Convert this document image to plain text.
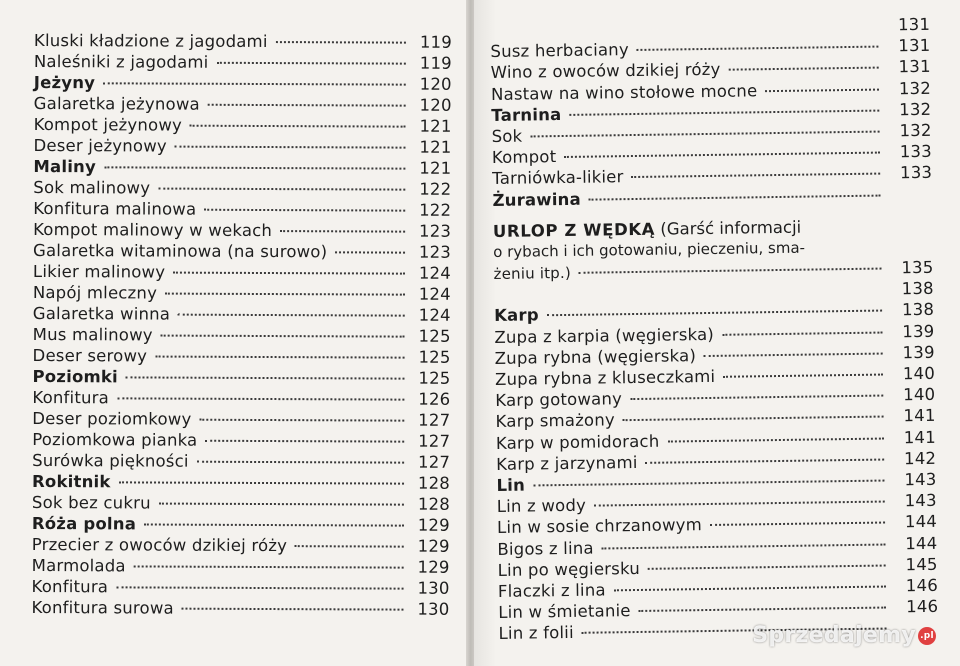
Kluski kładzione z jagodami	119
Naleśniki z jagodami	119
Jeżyny	120
Galaretka jeżynowa	120
Kompot jeżynowy	121
Deser jeżynowy	121
Maliny	121
Sok malinowy	122
Konfitura malinowa	122
Kompot malinowy w wekach	123
Galaretka witaminowa (na surowo)	123
Likier malinowy	124
Napój mleczny	124
Galaretka winna	124
Mus malinowy	125
Deser serowy	125
Poziomki	125
Konfitura	126
Deser poziomkowy	127
Poziomkowa pianka	127
Surówka piękności	127
Rokitnik	128
Sok bez cukru	128
Róża polna	129
Przecier z owoców dzikiej róży	129
Marmolada	129
Konfitura	130
Konfitura surowa	130
131
Susz herbaciany	131
Wino z owoców dzikiej róży	131
Nastaw na wino stołowe mocne	132
Tarnina	132
Sok	132
Kompot	133
Tarniówka-likier	133
Żurawina
URLOP Z WĘDKĄ (Garść informacji
o rybach i ich gotowaniu, pieczeniu, sma-
żeniu itp.)	135
138
Karp	138
Zupa z karpia (węgierska)	139
Zupa rybna (węgierska)	139
Zupa rybna z kluseczkami	140
Karp gotowany	140
Karp smażony	141
Karp w pomidorach	141
Karp z jarzynami	142
Lin	143
Lin z wody	143
Lin w sosie chrzanowym	144
Bigos z lina	144
Lin po węgiersku	145
Flaczki z lina	146
Lin w śmietanie	146
Lin z folii	Sprzedajemy .pl
